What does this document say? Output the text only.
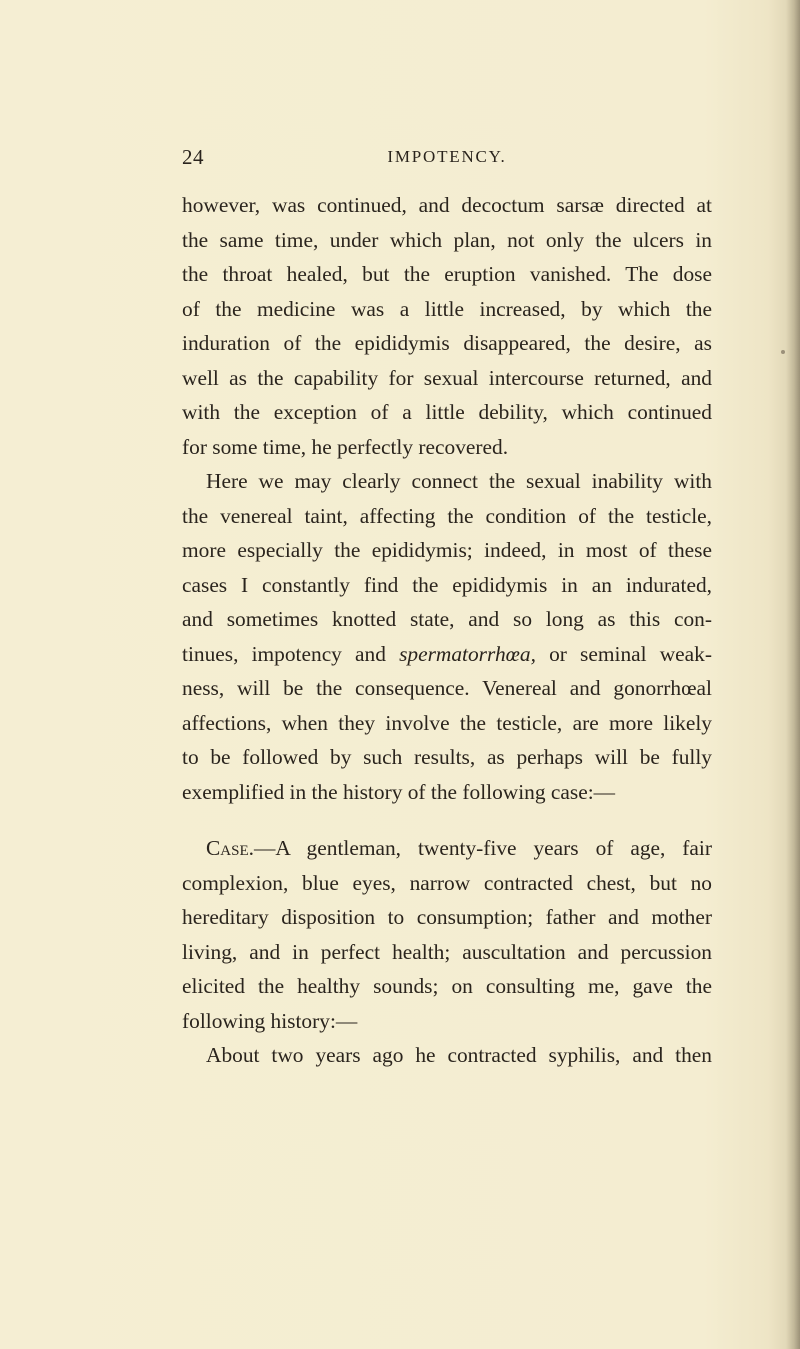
24	IMPOTENCY.
however, was continued, and decoctum sarsæ directed at
the same time, under which plan, not only the ulcers in
the throat healed, but the eruption vanished. The dose
of the medicine was a little increased, by which the
induration of the epididymis disappeared, the desire, as
well as the capability for sexual intercourse returned, and
with the exception of a little debility, which continued
for some time, he perfectly recovered.
Here we may clearly connect the sexual inability with
the venereal taint, affecting the condition of the testicle,
more especially the epididymis; indeed, in most of these
cases I constantly find the epididymis in an indurated,
and sometimes knotted state, and so long as this con-
tinues, impotency and spermatorrhœa, or seminal weak-
ness, will be the consequence. Venereal and gonorrhœal
affections, when they involve the testicle, are more likely
to be followed by such results, as perhaps will be fully
exemplified in the history of the following case:—
Case.—A gentleman, twenty-five years of age, fair
complexion, blue eyes, narrow contracted chest, but no
hereditary disposition to consumption; father and mother
living, and in perfect health; auscultation and percussion
elicited the healthy sounds; on consulting me, gave the
following history:—
About two years ago he contracted syphilis, and then
